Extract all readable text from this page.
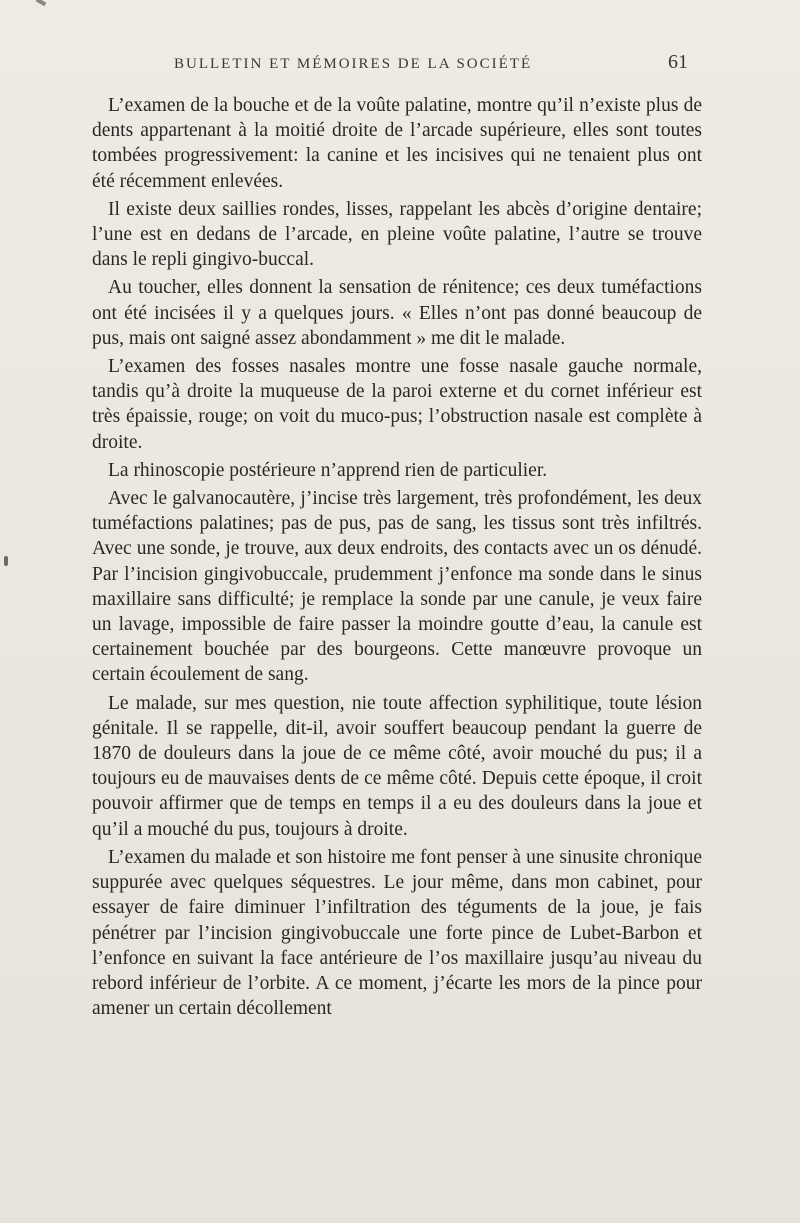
BULLETIN ET MÉMOIRES DE LA SOCIÉTÉ	61

L’examen de la bouche et de la voûte palatine, montre qu’il n’existe plus de dents appartenant à la moitié droite de l’arcade supérieure, elles sont toutes tombées progressivement: la canine et les incisives qui ne tenaient plus ont été récemment enlevées.

Il existe deux saillies rondes, lisses, rappelant les abcès d’origine dentaire; l’une est en dedans de l’arcade, en pleine voûte palatine, l’autre se trouve dans le repli gingivo-buccal.

Au toucher, elles donnent la sensation de rénitence; ces deux tuméfactions ont été incisées il y a quelques jours. « Elles n’ont pas donné beaucoup de pus, mais ont saigné assez abondamment » me dit le malade.

L’examen des fosses nasales montre une fosse nasale gauche normale, tandis qu’à droite la muqueuse de la paroi externe et du cornet inférieur est très épaissie, rouge; on voit du muco-pus; l’obstruction nasale est complète à droite.

La rhinoscopie postérieure n’apprend rien de particulier.

Avec le galvanocautère, j’incise très largement, très profondément, les deux tuméfactions palatines; pas de pus, pas de sang, les tissus sont très infiltrés. Avec une sonde, je trouve, aux deux endroits, des contacts avec un os dénudé. Par l’incision gingivobuccale, prudemment j’enfonce ma sonde dans le sinus maxillaire sans difficulté; je remplace la sonde par une canule, je veux faire un lavage, impossible de faire passer la moindre goutte d’eau, la canule est certainement bouchée par des bourgeons. Cette manœuvre provoque un certain écoulement de sang.

Le malade, sur mes question, nie toute affection syphilitique, toute lésion génitale. Il se rappelle, dit-il, avoir souffert beaucoup pendant la guerre de 1870 de douleurs dans la joue de ce même côté, avoir mouché du pus; il a toujours eu de mauvaises dents de ce même côté. Depuis cette époque, il croit pouvoir affirmer que de temps en temps il a eu des douleurs dans la joue et qu’il a mouché du pus, toujours à droite.

L’examen du malade et son histoire me font penser à une sinusite chronique suppurée avec quelques séquestres. Le jour même, dans mon cabinet, pour essayer de faire diminuer l’infiltration des téguments de la joue, je fais pénétrer par l’incision gingivobuccale une forte pince de Lubet-Barbon et l’enfonce en suivant la face antérieure de l’os maxillaire jusqu’au niveau du rebord inférieur de l’orbite. A ce moment, j’écarte les mors de la pince pour amener un certain décollement
